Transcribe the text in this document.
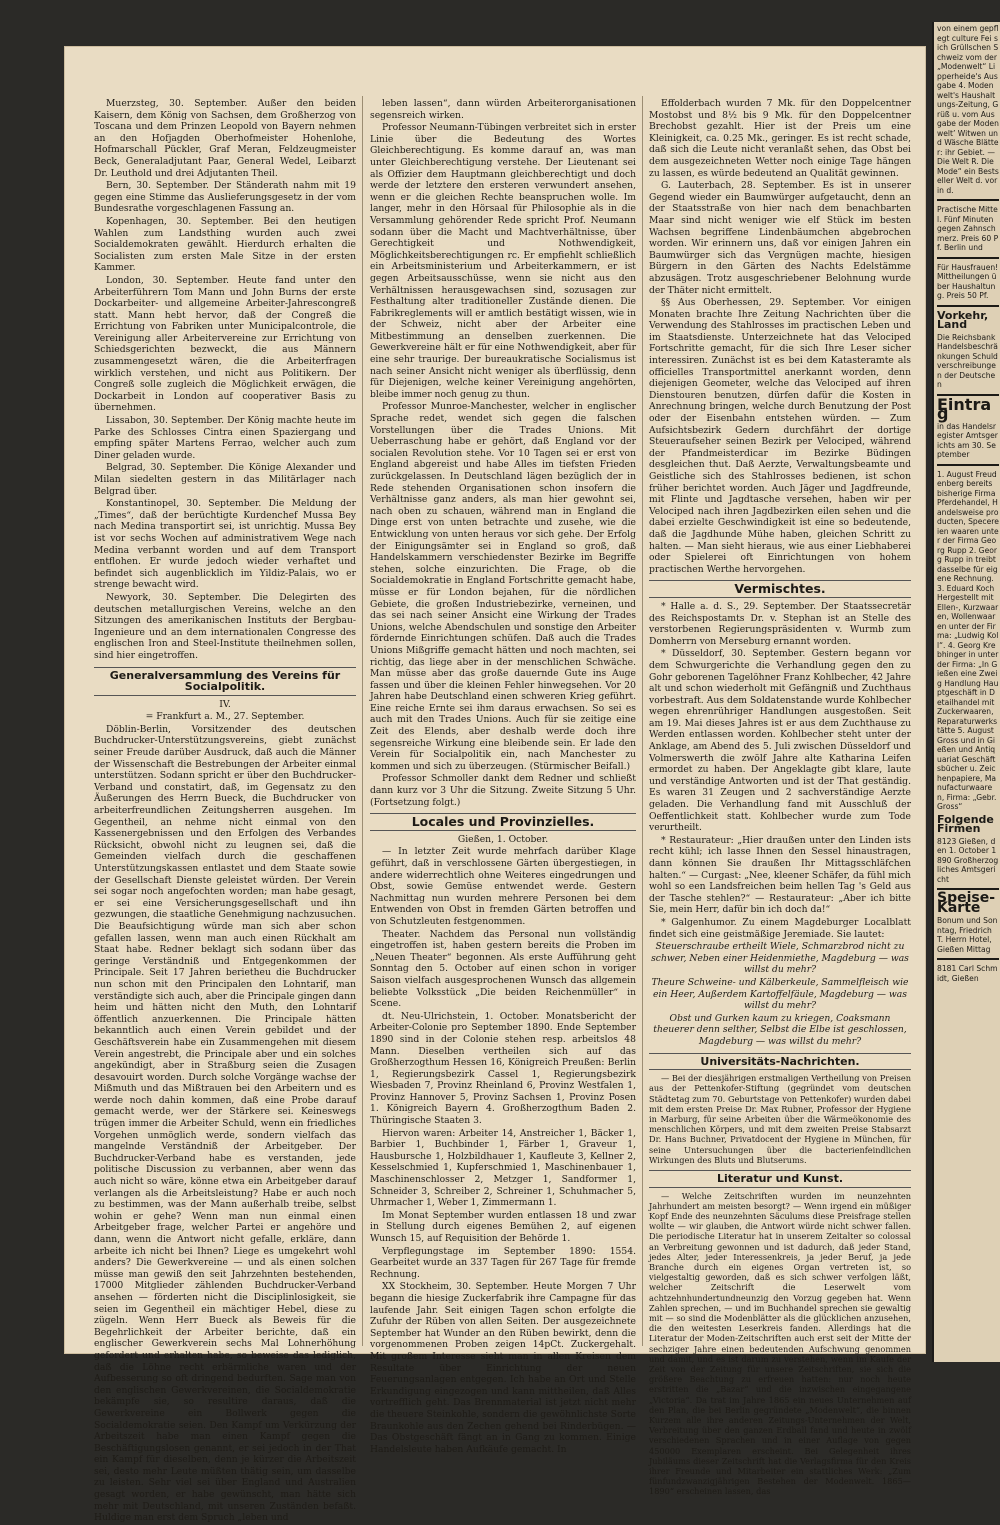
Muerzsteg, 30. September. Außer den beiden Kaisern, dem König von Sachsen, dem Großherzog von Toscana und dem Prinzen Leopold von Bayern nehmen an den Hofjagden Oberhofmeister Hohenlohe, Hofmarschall Pückler, Graf Meran, Feldzeugmeister Beck, Generaladjutant Paar, General Wedel, Leibarzt Dr. Leuthold und drei Adjutanten Theil.

Bern, 30. September. Der Ständerath nahm mit 19 gegen eine Stimme das Auslieferungsgesetz in der vom Bundesrathe vorgeschlagenen Fassung an.

Kopenhagen, 30. September. Bei den heutigen Wahlen zum Landsthing wurden auch zwei Socialdemokraten gewählt. Hierdurch erhalten die Socialisten zum ersten Male Sitze in der ersten Kammer.

London, 30. September. Heute fand unter den Arbeiterführern Tom Mann und John Burns der erste Dockarbeiter- und allgemeine Arbeiter-Jahrescongreß statt. Mann hebt hervor, daß der Congreß die Errichtung von Fabriken unter Municipalcontrole, die Vereinigung aller Arbeitervereine zur Errichtung von Schiedsgerichten bezweckt, die aus Männern zusammengesetzt wären, die die Arbeiterfragen wirklich verstehen, und nicht aus Politikern. Der Congreß solle zugleich die Möglichkeit erwägen, die Dockarbeit in London auf cooperativer Basis zu übernehmen.

Lissabon, 30. September. Der König machte heute im Parke des Schlosses Cintra einen Spaziergang und empfing später Martens Ferrao, welcher auch zum Diner geladen wurde.

Belgrad, 30. September. Die Könige Alexander und Milan siedelten gestern in das Militärlager nach Belgrad über.

Konstantinopel, 30. September. Die Meldung der „Times“, daß der berüchtigte Kurdenchef Mussa Bey nach Medina transportirt sei, ist unrichtig. Mussa Bey ist vor sechs Wochen auf administrativem Wege nach Medina verbannt worden und auf dem Transport entflohen. Er wurde jedoch wieder verhaftet und befindet sich augenblicklich im Yildiz-Palais, wo er strenge bewacht wird.

Newyork, 30. September. Die Delegirten des deutschen metallurgischen Vereins, welche an den Sitzungen des amerikanischen Instituts der Bergbau-Ingenieure und an dem internationalen Congresse des englischen Iron and Steel-Institute theilnehmen sollen, sind hier eingetroffen.

Generalversammlung des Vereins für Socialpolitik.

IV.

= Frankfurt a. M., 27. September.

Döblin-Berlin, Vorsitzender des deutschen Buchdrucker-Unterstützungsvereins, giebt zunächst seiner Freude darüber Ausdruck, daß auch die Männer der Wissenschaft die Bestrebungen der Arbeiter einmal unterstützen. Sodann spricht er über den Buchdrucker-Verband und constatirt, daß, im Gegensatz zu den Äußerungen des Herrn Bueck, die Buchdrucker von arbeiterfreundlichen Zeitungsherren ausgehen. Im Gegentheil, an nehme nicht einmal von den Kassenergebnissen und den Erfolgen des Verbandes Rücksicht, obwohl nicht zu leugnen sei, daß die Gemeinden vielfach durch die geschaffenen Unterstützungskassen entlastet und dem Staate sowie der Gesellschaft Dienste geleistet würden. Der Verein sei sogar noch angefochten worden; man habe gesagt, er sei eine Versicherungsgesellschaft und ihn gezwungen, die staatliche Genehmigung nachzusuchen. Die Beaufsichtigung würde man sich aber schon gefallen lassen, wenn man auch einen Rückhalt am Staat habe. Redner beklagt sich sodann über das geringe Verständniß und Entgegenkommen der Principale. Seit 17 Jahren berietheu die Buchdrucker nun schon mit den Principalen den Lohntarif, man verständigte sich auch, aber die Principale gingen dann heim und hätten nicht den Muth, den Lohntarif öffentlich anzuerkennen. Die Principale hätten bekanntlich auch einen Verein gebildet und der Geschäftsverein habe ein Zusammengehen mit diesem Verein angestrebt, die Principale aber und ein solches angekündigt, aber in Straßburg seien die Zusagen desavouirt worden. Durch solche Vorgänge wachse der Mißmuth und das Mißtrauen bei den Arbeitern und es werde noch dahin kommen, daß eine Probe darauf gemacht werde, wer der Stärkere sei. Keineswegs trügen immer die Arbeiter Schuld, wenn ein friedliches Vorgehen unmöglich werde, sondern vielfach das mangelnde Verständniß der Arbeitgeber. Der Buchdrucker-Verband habe es verstanden, jede politische Discussion zu verbannen, aber wenn das auch nicht so wäre, könne etwa ein Arbeitgeber darauf verlangen als die Arbeitsleistung? Habe er auch noch zu bestimmen, was der Mann außerhalb treibe, selbst wohin er gehe? Wenn man nun einmal einen Arbeitgeber frage, welcher Partei er angehöre und dann, wenn die Antwort nicht gefalle, erkläre, dann arbeite ich nicht bei Ihnen? Liege es umgekehrt wohl anders? Die Gewerkvereine — und als einen solchen müsse man gewiß den seit Jahrzehnten bestehenden, 17000 Mitglieder zählenden Buchdrucker-Verband ansehen — förderten nicht die Disciplinlosigkeit, sie seien im Gegentheil ein mächtiger Hebel, diese zu zügeln. Wenn Herr Bueck als Beweis für die Begehrlichkeit der Arbeiter berichte, daß ein englischer Gewerkverein sechs Mal Lohnerhöhung gefordert und erhalten habe, so beweise das lediglich, daß die Löhne recht erbärmliche waren und der Aufbesserung so oft dringend bedurften. Sage man von den englischen Gewerkvereinen, die Socialdemokratie bekämpfe sie, so resultire daraus, daß die Gewerkvereine ein Bollwerk gegen die Socialdemokratie seien. Den Kampf um Verkürzung der Arbeitszeit habe man einen Kampf gegen die Beschäftigungslosen genannt, er sei jedoch in der That ein Kampf für dieselben, denn je kürzer die Arbeitszeit sei, desto mehr Leute müßten thätig sein, um dasselbe zu leisten. Sehr viel sei über England und Australien gesagt worden, er habe gewünscht, man hätte sich mehr mit Deutschland, mit unseren Zuständen befaßt. Huldige man erst dem Spruch „leben und

leben lassen“, dann würden Arbeiterorganisationen segensreich wirken.

Professor Neumann-Tübingen verbreitet sich in erster Linie über die Bedeutung des Wortes Gleichberechtigung. Es komme darauf an, was man unter Gleichberechtigung verstehe. Der Lieutenant sei als Offizier dem Hauptmann gleichberechtigt und doch werde der letztere den ersteren verwundert ansehen, wenn er die gleichen Rechte beanspruchen wolle. Im langer, mehr in den Hörsaal für Philosophie als in die Versammlung gehörender Rede spricht Prof. Neumann sodann über die Macht und Machtverhältnisse, über Gerechtigkeit und Nothwendigkeit, Möglichkeitsberechtigungen rc. Er empfiehlt schließlich ein Arbeitsministerium und Arbeiterkammern, er ist gegen Arbeitsausschüsse, wenn sie nicht aus den Verhältnissen herausgewachsen sind, sozusagen zur Festhaltung alter traditioneller Zustände dienen. Die Fabrikreglements will er amtlich bestätigt wissen, wie in der Schweiz, nicht aber der Arbeiter eine Mitbestimmung an denselben zuerkennen. Die Gewerkvereine hält er für eine Nothwendigkeit, aber für eine sehr traurige. Der bureaukratische Socialismus ist nach seiner Ansicht nicht weniger als überflüssig, denn für Diejenigen, welche keiner Vereinigung angehörten, bleibe immer noch genug zu thun.

Professor Munroe-Manchester, welcher in englischer Sprache redet, wendet sich gegen die falschen Vorstellungen über die Trades Unions. Mit Ueberraschung habe er gehört, daß England vor der socialen Revolution stehe. Vor 10 Tagen sei er erst von England abgereist und habe Alles im tiefsten Frieden zurückgelassen. In Deutschland lägen bezüglich der in Rede stehenden Organisationen schon insofern die Verhältnisse ganz anders, als man hier gewohnt sei, nach oben zu schauen, während man in England die Dinge erst von unten betrachte und zusehe, wie die Entwicklung von unten heraus vor sich gehe. Der Erfolg der Einigungsämter sei in England so groß, daß Handelskammern verschiedenster Bezirke im Begriffe stehen, solche einzurichten. Die Frage, ob die Socialdemokratie in England Fortschritte gemacht habe, müsse er für London bejahen, für die nördlichen Gebiete, die großen Industriebezirke, verneinen, und das sei nach seiner Ansicht eine Wirkung der Trades Unions, welche Abendschulen und sonstige den Arbeiter fördernde Einrichtungen schüfen. Daß auch die Trades Unions Mißgriffe gemacht hätten und noch machten, sei richtig, das liege aber in der menschlichen Schwäche. Man müsse aber das große dauernde Gute ins Auge fassen und über die kleinen Fehler hinwegsehen. Vor 20 Jahren habe Deutschland einen schweren Krieg geführt. Eine reiche Ernte sei ihm daraus erwachsen. So sei es auch mit den Trades Unions. Auch für sie zeitige eine Zeit des Elends, aber deshalb werde doch ihre segensreiche Wirkung eine bleibende sein. Er lade den Verein für Socialpolitik ein, nach Manchester zu kommen und sich zu überzeugen. (Stürmischer Beifall.)

Professor Schmoller dankt dem Redner und schließt dann kurz vor 3 Uhr die Sitzung. Zweite Sitzung 5 Uhr. (Fortsetzung folgt.)

Locales und Provinzielles.

Gießen, 1. October.

— In letzter Zeit wurde mehrfach darüber Klage geführt, daß in verschlossene Gärten übergestiegen, in andere widerrechtlich ohne Weiteres eingedrungen und Obst, sowie Gemüse entwendet werde. Gestern Nachmittag nun wurden mehrere Personen bei dem Entwenden von Obst in fremden Gärten betroffen und von Schutzleuten festgenommen.

Theater. Nachdem das Personal nun vollständig eingetroffen ist, haben gestern bereits die Proben im „Neuen Theater“ begonnen. Als erste Aufführung geht Sonntag den 5. October auf einen schon in voriger Saison vielfach ausgesprochenen Wunsch das allgemein beliebte Volksstück „Die beiden Reichenmüller“ in Scene.

dt. Neu-Ulrichstein, 1. October. Monatsbericht der Arbeiter-Colonie pro September 1890. Ende September 1890 sind in der Colonie stehen resp. arbeitslos 48 Mann. Dieselben vertheilen sich auf das Großherzogthum Hessen 16, Königreich Preußen: Berlin 1, Regierungsbezirk Cassel 1, Regierungsbezirk Wiesbaden 7, Provinz Rheinland 6, Provinz Westfalen 1, Provinz Hannover 5, Provinz Sachsen 1, Provinz Posen 1. Königreich Bayern 4. Großherzogthum Baden 2. Thüringische Staaten 3.

Hiervon waren: Arbeiter 14, Anstreicher 1, Bäcker 1, Barbier 1, Buchbinder 1, Färber 1, Graveur 1, Hausbursche 1, Holzbildhauer 1, Kaufleute 3, Kellner 2, Kesselschmied 1, Kupferschmied 1, Maschinenbauer 1, Maschinenschlosser 2, Metzger 1, Sandformer 1, Schneider 3, Schreiber 2, Schreiner 1, Schuhmacher 5, Uhrmacher 1, Weber 1, Zimmermann 1.

Im Monat September wurden entlassen 18 und zwar in Stellung durch eigenes Bemühen 2, auf eigenen Wunsch 15, auf Requisition der Behörde 1.

Verpflegungstage im September 1890: 1554. Gearbeitet wurde an 337 Tagen für 267 Tage für fremde Rechnung.

XX Stockheim, 30. September. Heute Morgen 7 Uhr begann die hiesige Zuckerfabrik ihre Campagne für das laufende Jahr. Seit einigen Tagen schon erfolgte die Zufuhr der Rüben von allen Seiten. Der ausgezeichnete September hat Wunder an den Rüben bewirkt, denn die vorgenommenen Proben zeigen 14pCt. Zuckergehalt. Mit großem Interesse sieht man in allen Kreisen dem Resultate über Einrichtung der neuen Feuerungsanlagen entgegen. Ich habe an Ort und Stelle Erkundigung eingezogen und kann mittheilen, daß Alles vortrefflich geht. Das Brennmaterial ist jetzt nicht mehr die theuere Steinkohle, sondern die gewöhnlichste Sorte Braunkohle aus den Zechen gehend bei Rinderbügen. — Das Obstgeschäft fängt an in Gang zu kommen. Einige Handelsleute haben Aufkäufe gemacht. In

Effolderbach wurden 7 Mk. für den Doppelcentner Mostobst und 8½ bis 9 Mk. für den Doppelcentner Brechobst gezahlt. Hier ist der Preis um eine Kleinigkeit, ca. 0.25 Mk., geringer. Es ist recht schade, daß sich die Leute nicht veranlaßt sehen, das Obst bei dem ausgezeichneten Wetter noch einige Tage hängen zu lassen, es würde bedeutend an Qualität gewinnen.

G. Lauterbach, 28. September. Es ist in unserer Gegend wieder ein Baumwürger aufgetaucht, denn an der Staatsstraße von hier nach dem benachbarten Maar sind nicht weniger wie elf Stück im besten Wachsen begriffene Lindenbäumchen abgebrochen worden. Wir erinnern uns, daß vor einigen Jahren ein Baumwürger sich das Vergnügen machte, hiesigen Bürgern in den Gärten des Nachts Edelstämme abzusägen. Trotz ausgeschriebener Belohnung wurde der Thäter nicht ermittelt.

§§ Aus Oberhessen, 29. September. Vor einigen Monaten brachte Ihre Zeitung Nachrichten über die Verwendung des Stahlrosses im practischen Leben und im Staatsdienste. Unterzeichnete hat das Velociped Fortschritte gemacht, für die sich Ihre Leser sicher interessiren. Zunächst ist es bei dem Katasteramte als officielles Transportmittel anerkannt worden, denn diejenigen Geometer, welche das Velociped auf ihren Dienstouren benutzen, dürfen dafür die Kosten in Anrechnung bringen, welche durch Benutzung der Post oder der Eisenbahn entstehen würden. — Zum Aufsichtsbezirk Gedern durchfährt der dortige Steueraufseher seinen Bezirk per Velociped, während der Pfandmeisterdicar im Bezirke Büdingen desgleichen thut. Daß Aerzte, Verwaltungsbeamte und Geistliche sich des Stahlrosses bedienen, ist schon früher berichtet worden. Auch Jäger und Jagdfreunde, mit Flinte und Jagdtasche versehen, haben wir per Velociped nach ihren Jagdbezirken eilen sehen und die dabei erzielte Geschwindigkeit ist eine so bedeutende, daß die Jagdhunde Mühe haben, gleichen Schritt zu halten. — Man sieht hieraus, wie aus einer Liebhaberei oder Spielerei oft Einrichtungen von hohem practischen Werthe hervorgehen.

Vermischtes.

* Halle a. d. S., 29. September. Der Staatssecretär des Reichspostamts Dr. v. Stephan ist an Stelle des verstorbenen Regierungspräsidenten v. Wurmb zum Domherrn von Merseburg ernannt worden.

* Düsseldorf, 30. September. Gestern begann vor dem Schwurgerichte die Verhandlung gegen den zu Gohr geborenen Tagelöhner Franz Kohlbecher, 42 Jahre alt und schon wiederholt mit Gefängniß und Zuchthaus vorbestraft. Aus dem Soldatenstande wurde Kohlbecher wegen ehrenrühriger Handlungen ausgestoßen. Seit am 19. Mai dieses Jahres ist er aus dem Zuchthause zu Werden entlassen worden. Kohlbecher steht unter der Anklage, am Abend des 5. Juli zwischen Düsseldorf und Volmerswerth die zwölf Jahre alte Katharina Leifen ermordet zu haben. Der Angeklagte gibt klare, laute und verständige Antworten und ist der That geständig. Es waren 31 Zeugen und 2 sachverständige Aerzte geladen. Die Verhandlung fand mit Ausschluß der Oeffentlichkeit statt. Kohlbecher wurde zum Tode verurtheilt.

* Restaurateur: „Hier draußen unter den Linden ists recht kühl; ich lasse Ihnen den Sessel hinaustragen, dann können Sie draußen Ihr Mittagsschläfchen halten.“ — Curgast: „Nee, kleener Schäfer, da fühl mich wohl so een Landsfreichen beim hellen Tag 's Geld aus der Tasche stehlen?“ — Restaurateur: „Aber ich bitte Sie, mein Herr, dafür bin ich doch da!“

* Galgenhumor. Zu einem Magdeburger Localblatt findet sich eine geistmäßige Jeremiade. Sie lautet:

Steuerschraube ertheilt Wiele, Schmarzbrod nicht zu schwer, Neben einer Heidenmiethe, Magdeburg — was willst du mehr?

Theure Schweine- und Kälberkeule, Sammelfleisch wie ein Heer, Außerdem Kartoffelfäule, Magdeburg — was willst du mehr?

Obst und Gurken kaum zu kriegen, Coaksmann theuerer denn selther, Selbst die Elbe ist geschlossen, Magdeburg — was willst du mehr?

Universitäts-Nachrichten.

— Bei der diesjährigen erstmaligen Vertheilung von Preisen aus der Pettenkofer-Stiftung (gegründet vom deutschen Städtetag zum 70. Geburtstage von Pettenkofer) wurden dabei mit dem ersten Preise Dr. Max Rubner, Professor der Hygiene in Marburg, für seine Arbeiten über die Wärmeökonomie des menschlichen Körpers, und mit dem zweiten Preise Stabsarzt Dr. Hans Buchner, Privatdocent der Hygiene in München, für seine Untersuchungen über die bacterienfeindlichen Wirkungen des Bluts und Blutserums.

Literatur und Kunst.

— Welche Zeitschriften wurden im neunzehnten Jahrhundert am meisten besorgt? — Wenn irgend ein müßiger Kopf Ende des neunzehnten Säculums diese Preisfrage stellen wollte — wir glauben, die Antwort würde nicht schwer fallen. Die periodische Literatur hat in unserem Zeitalter so colossal an Verbreitung gewonnen und ist dadurch, daß jeder Stand, jedes Alter, jeder Interessenkreis, ja jeder Beruf, ja jede Branche durch ein eigenes Organ vertreten ist, so vielgestaltig geworden, daß es sich schwer verfolgen läßt, welcher Zeitschrift die Leserwelt vom achtzehnhundertundneunzig den Vorzug gegeben hat. Wenn Zahlen sprechen, — und im Buchhandel sprechen sie gewaltig mit — so sind die Modenblätter als die glücklichen anzusehen, die den weitesten Leserkreis fanden. Allerdings hat die Literatur der Moden-Zeitschriften auch erst seit der Mitte der sechziger Jahre einen bedeutenden Aufschwung genommen und damit, und es ist darum zu verstehen, wenn im Kaufe der Zeit von der Zeitung für unsere Zeitschriften, sie sich die größere Beachtung zu erfreuen hatten: nur noch heute erstritten die „Bazar“ und die inzwischen eingegangene „Victoria“. Da trat im Jahre 1865 ein neues Unternehmen auf den Plan, die bei Berlin gegründete „Modenwelt“, die binnen Kurzem alle ihre anderen Zeitungs-Unternehmen der Welt, Verbreitung über den ganzen Erdball fand und heute in zwölf verschiedenen Sprachen und in einer Auflage von gegen 450000 Exemplaren erscheint. Bei Gelegenheit ihres Jubiläums dieser Zeitschrift hat die Verlagsfirma für den Kreis ihrer Freunde und Mitarbeiter ein stattliches Werk: „Zum fünfundzwanzigjährigen Bestehen der Modenwelt. 1865—1890“ erscheinen lassen, das

von einem gepflegt culture Fei sich Grüllschen Schweiz vom der „Modenwelt“ Lipperheide's Ausgabe 4. Modenwelt's Haushaltungs-Zeitung, Grüß u. vom Ausgabe der Modenwelt’ Witwen und Wäsche Blätter: ihr Gebiet. — Die Welt R. Die Mode“ ein Bestseller Welt d. vor in d.
Practische Mittel. Fünf Minuten gegen Zahnschmerz. Preis 60 Pf. Berlin und
Für Hausfrauen! Mittheilungen über Haushaltung. Preis 50 Pf.
Vorkehr, Land
Die Reichsbank Handelsbeschränkungen Schuldverschreibungen der Deutschen
Eintrag
in das Handelsregister Amtsgerichts am 30. September
1. August Freudenberg bereits bisherige Firma Pferdehandel, Handelsweise producten, Specereien waaren unter der Firma Georg Rupp 2. Georg Rupp in treibt dasselbe für eigene Rechnung. 3. Eduard Koch Hergestellt mit Ellen-, Kurzwaaren, Wollenwaaren unter der Firma: „Ludwig Koll“. 4. Georg Krebhinger in unter der Firma: „In Gießen eine Zweig Handlung Hauptgeschäft in Detailhandel mit Zuckerwaaren, Reparaturwerkstätte 5. August Gross und in Gießen und Antiquariat Geschäftsbücher u. Zeichenpapiere, Manufacturwaaren, Firma: „Gebr. Gross“
Folgende Firmen
8123 Gießen, den 1. October 1890 Großherzogliches Amtsgericht
Speise-Karte
Bonum und Sonntag, Friedrich T. Herrn Hotel, Gießen Mittag
8181 Carl Schmidt, Gießen
